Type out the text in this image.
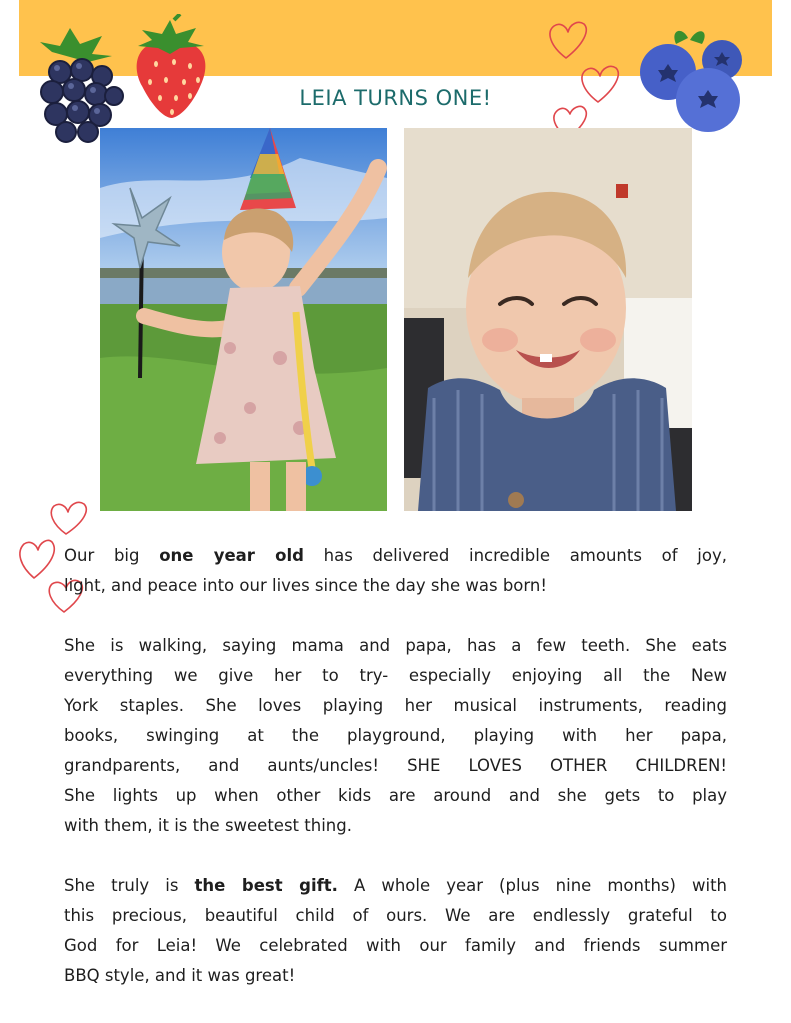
LEIA TURNS ONE!
Our big one year old has delivered incredible amounts of joy,
light, and peace into our lives since the day she was born!
She is walking, saying mama and papa, has a few teeth. She eats
everything we give her to try- especially enjoying all the New
York staples. She loves playing her musical instruments, reading
books, swinging at the playground, playing with her papa,
grandparents, and aunts/uncles! SHE LOVES OTHER CHILDREN!
She lights up when other kids are around and she gets to play
with them, it is the sweetest thing.
She truly is the best gift. A whole year (plus nine months) with
this precious, beautiful child of ours. We are endlessly grateful to
God for Leia! We celebrated with our family and friends summer
BBQ style, and it was great!
